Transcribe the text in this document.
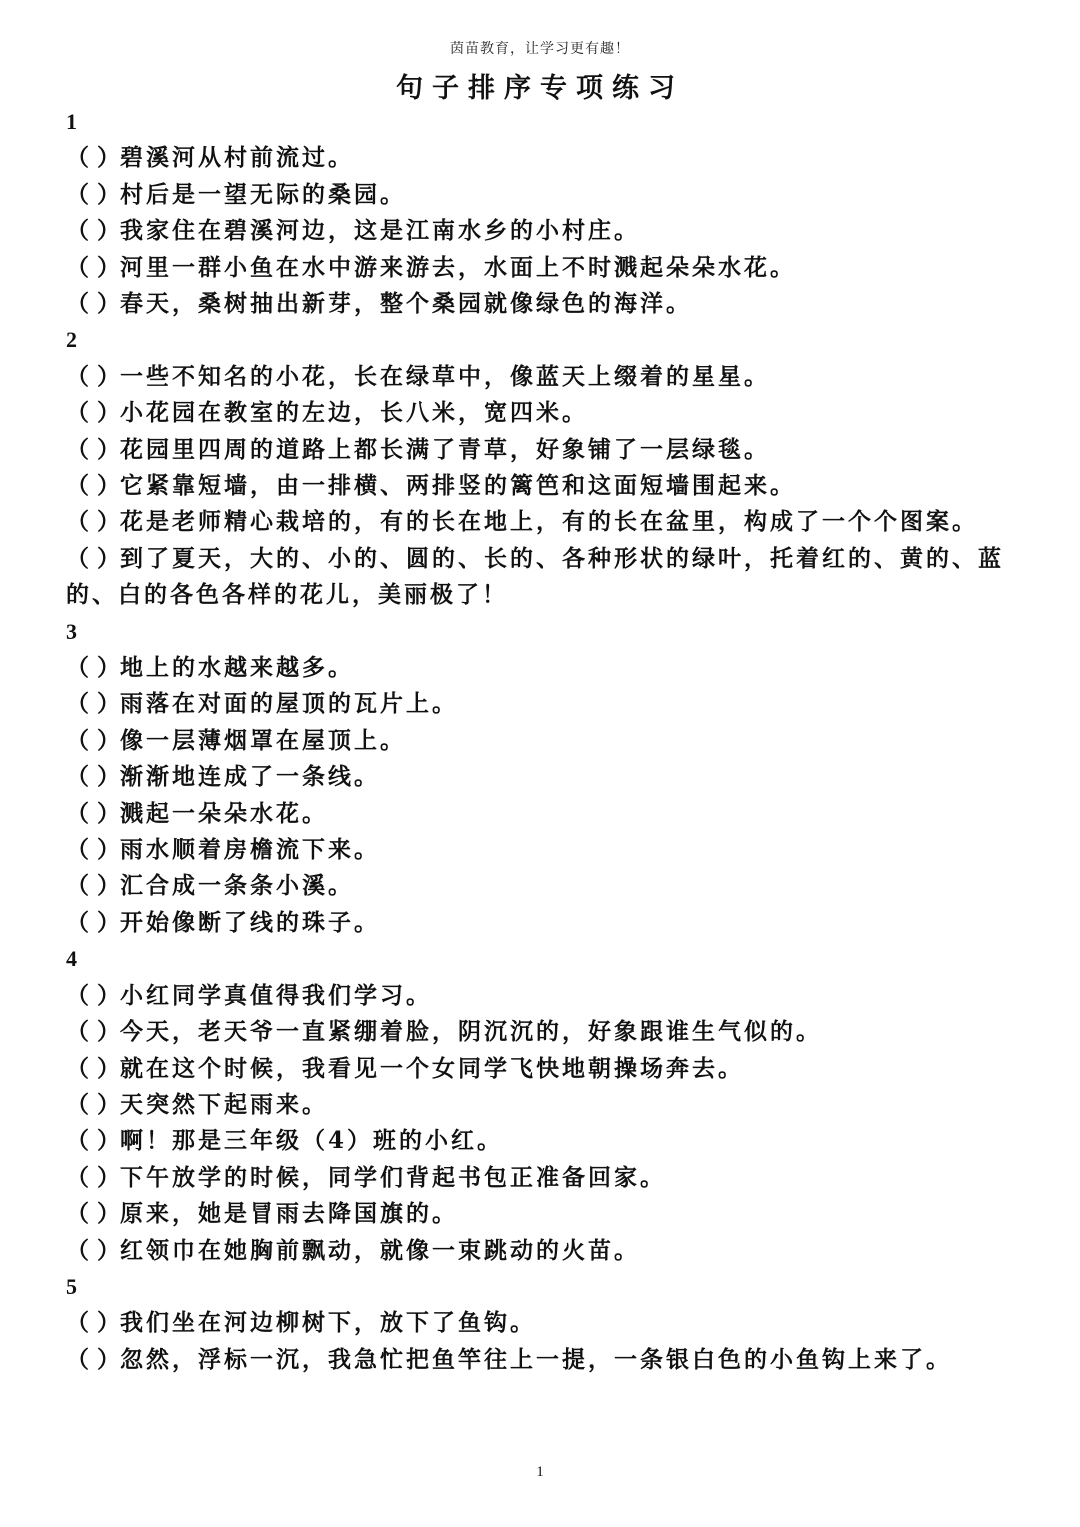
茵苗教育，让学习更有趣！
句子排序专项练习
1
（ ）碧溪河从村前流过。
（ ）村后是一望无际的桑园。
（ ）我家住在碧溪河边，这是江南水乡的小村庄。
（ ）河里一群小鱼在水中游来游去，水面上不时溅起朵朵水花。
（ ）春天，桑树抽出新芽，整个桑园就像绿色的海洋。
2
（ ）一些不知名的小花，长在绿草中，像蓝天上缀着的星星。
（ ）小花园在教室的左边，长八米，宽四米。
（ ）花园里四周的道路上都长满了青草，好象铺了一层绿毯。
（ ）它紧靠短墙，由一排横、两排竖的篱笆和这面短墙围起来。
（ ）花是老师精心栽培的，有的长在地上，有的长在盆里，构成了一个个图案。
（ ）到了夏天，大的、小的、圆的、长的、各种形状的绿叶，托着红的、黄的、蓝的、白的各色各样的花儿，美丽极了！
3
（ ）地上的水越来越多。
（ ）雨落在对面的屋顶的瓦片上。
（ ）像一层薄烟罩在屋顶上。
（ ）渐渐地连成了一条线。
（ ）溅起一朵朵水花。
（ ）雨水顺着房檐流下来。
（ ）汇合成一条条小溪。
（ ）开始像断了线的珠子。
4
（ ）小红同学真值得我们学习。
（ ）今天，老天爷一直紧绷着脸，阴沉沉的，好象跟谁生气似的。
（ ）就在这个时候，我看见一个女同学飞快地朝操场奔去。
（ ）天突然下起雨来。
（ ）啊！那是三年级（4）班的小红。
（ ）下午放学的时候，同学们背起书包正准备回家。
（ ）原来，她是冒雨去降国旗的。
（ ）红领巾在她胸前飘动，就像一束跳动的火苗。
5
（ ）我们坐在河边柳树下，放下了鱼钩。
（ ）忽然，浮标一沉，我急忙把鱼竿往上一提，一条银白色的小鱼钩上来了。
1
